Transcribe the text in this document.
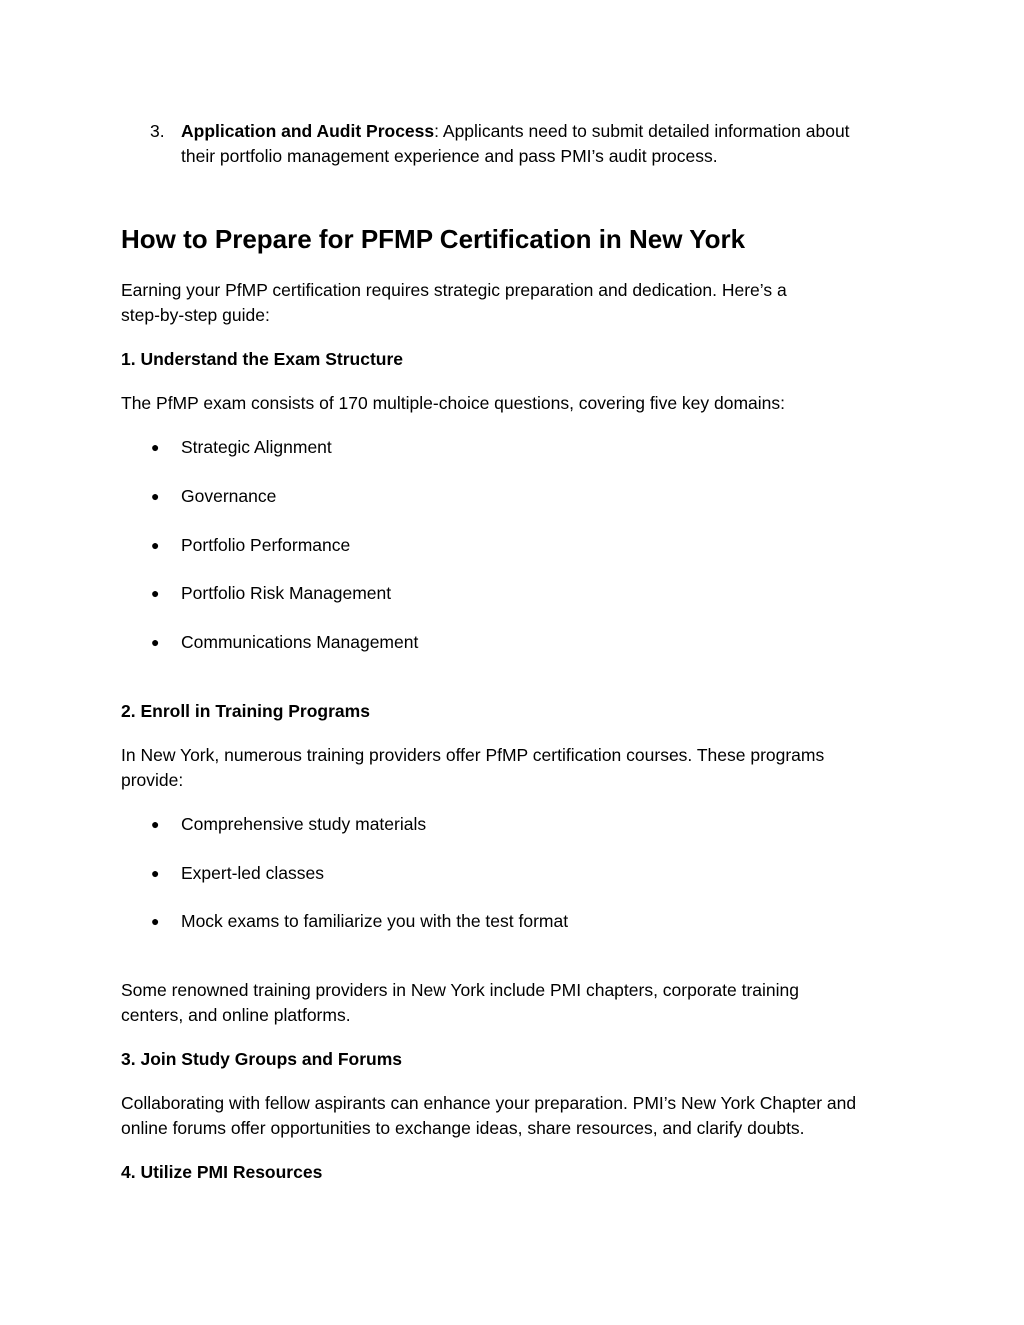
3. Application and Audit Process: Applicants need to submit detailed information about
their portfolio management experience and pass PMI’s audit process.
How to Prepare for PFMP Certification in New York
Earning your PfMP certification requires strategic preparation and dedication. Here’s a
step-by-step guide:
1. Understand the Exam Structure
The PfMP exam consists of 170 multiple-choice questions, covering five key domains:
● Strategic Alignment
● Governance
● Portfolio Performance
● Portfolio Risk Management
● Communications Management
2. Enroll in Training Programs
In New York, numerous training providers offer PfMP certification courses. These programs
provide:
● Comprehensive study materials
● Expert-led classes
● Mock exams to familiarize you with the test format
Some renowned training providers in New York include PMI chapters, corporate training
centers, and online platforms.
3. Join Study Groups and Forums
Collaborating with fellow aspirants can enhance your preparation. PMI’s New York Chapter and
online forums offer opportunities to exchange ideas, share resources, and clarify doubts.
4. Utilize PMI Resources
